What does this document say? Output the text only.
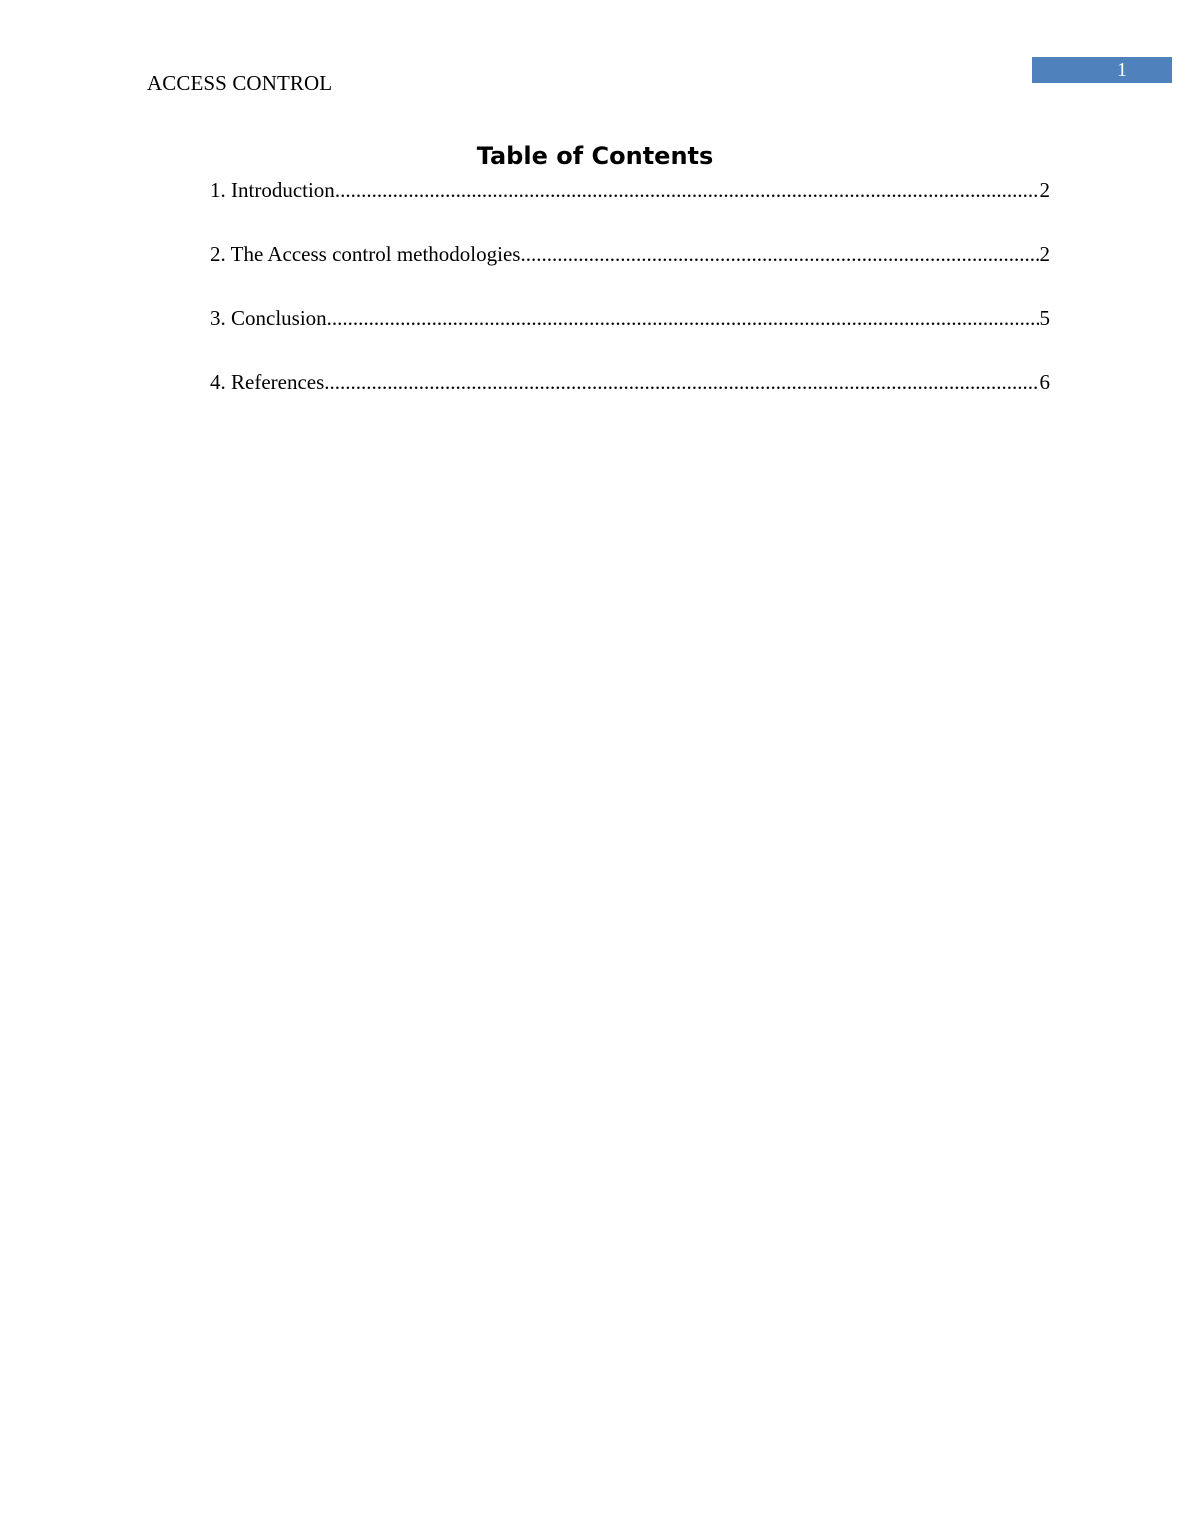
ACCESS CONTROL
1
Table of Contents
1. Introduction .....	2
2. The Access control methodologies .....	2
3. Conclusion .....	5
4. References .....	6
